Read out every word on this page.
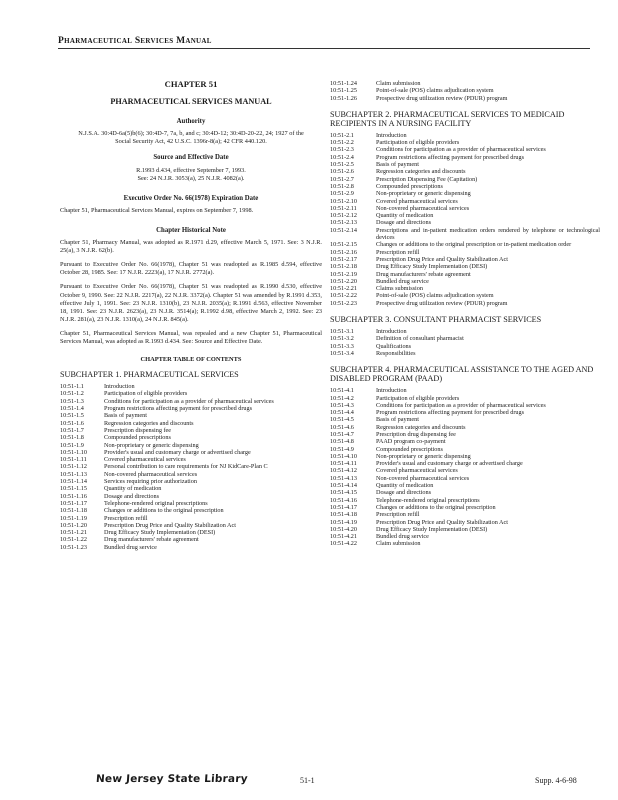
Pharmaceutical Services Manual
CHAPTER 51
PHARMACEUTICAL SERVICES MANUAL
Authority

N.J.S.A. 30:4D-6a(5)b(6); 30:4D-7, 7a, b, and c; 30:4D-12; 30:4D-20-22, 24; 1927 of the Social Security Act, 42 U.S.C. 1396r-8(a); 42 CFR 440.120.

Source and Effective Date
R.1993 d.434, effective September 7, 1993.
See: 24 N.J.R. 3053(a), 25 N.J.R. 4082(a).
Executive Order No. 66(1978) Expiration Date

Chapter 51, Pharmaceutical Services Manual, expires on September 7, 1998.

Chapter Historical Note

Chapter 51, Pharmacy Manual, was adopted as R.1971 d.29, effective March 5, 1971. See: 3 N.J.R. 25(a), 3 N.J.R. 62(b).

Pursuant to Executive Order No. 66(1978), Chapter 51 was readopted as R.1985 d.594, effective October 28, 1985. See: 17 N.J.R. 2223(a), 17 N.J.R. 2772(a).

Pursuant to Executive Order No. 66(1978), Chapter 51 was readopted as R.1990 d.530, effective October 9, 1990. See: 22 N.J.R. 2217(a), 22 N.J.R. 3372(a). Chapter 51 was amended by R.1991 d.353, effective July 1, 1991. See: 23 N.J.R. 1310(b), 23 N.J.R. 2035(a); R.1991 d.563, effective November 18, 1991. See: 23 N.J.R. 2623(a), 23 N.J.R. 3514(a); R.1992 d.98, effective March 2, 1992. See: 23 N.J.R. 281(a), 23 N.J.R. 1310(a), 24 N.J.R. 845(a).

Chapter 51, Pharmaceutical Services Manual, was repealed and a new Chapter 51, Pharmaceutical Services Manual, was adopted as R.1993 d.434. See: Source and Effective Date.

CHAPTER TABLE OF CONTENTS
SUBCHAPTER 1. PHARMACEUTICAL SERVICES
10:51-1.1	Introduction
10:51-1.2	Participation of eligible providers
10:51-1.3	Conditions for participation as a provider of pharmaceutical services
10:51-1.4	Program restrictions affecting payment for prescribed drugs
10:51-1.5	Basis of payment
10:51-1.6	Regression categories and discounts
10:51-1.7	Prescription dispensing fee
10:51-1.8	Compounded prescriptions
10:51-1.9	Non-proprietary or generic dispensing
10:51-1.10	Provider's usual and customary charge or advertised charge
10:51-1.11	Covered pharmaceutical services
10:51-1.12	Personal contribution to care requirements for NJ KidCare-Plan C
10:51-1.13	Non-covered pharmaceutical services
10:51-1.14	Services requiring prior authorization
10:51-1.15	Quantity of medication
10:51-1.16	Dosage and directions
10:51-1.17	Telephone-rendered original prescriptions
10:51-1.18	Changes or additions to the original prescription
10:51-1.19	Prescription refill
10:51-1.20	Prescription Drug Price and Quality Stabilization Act
10:51-1.21	Drug Efficacy Study Implementation (DESI)
10:51-1.22	Drug manufacturers' rebate agreement
10:51-1.23	Bundled drug service
10:51-1.24	Claim submission
10:51-1.25	Point-of-sale (POS) claims adjudication system
10:51-1.26	Prospective drug utilization review (PDUR) program
SUBCHAPTER 2. PHARMACEUTICAL SERVICES TO MEDICAID RECIPIENTS IN A NURSING FACILITY
10:51-2.1	Introduction
10:51-2.2	Participation of eligible providers
10:51-2.3	Conditions for participation as a provider of pharmaceutical services
10:51-2.4	Program restrictions affecting payment for prescribed drugs
10:51-2.5	Basis of payment
10:51-2.6	Regression categories and discounts
10:51-2.7	Prescription Dispensing Fee (Capitation)
10:51-2.8	Compounded prescriptions
10:51-2.9	Non-proprietary or generic dispensing
10:51-2.10	Covered pharmaceutical services
10:51-2.11	Non-covered pharmaceutical services
10:51-2.12	Quantity of medication
10:51-2.13	Dosage and directions
10:51-2.14	Prescriptions and in-patient medication orders rendered by telephone or technological devices
10:51-2.15	Changes or additions to the original prescription or in-patient medication order
10:51-2.16	Prescription refill
10:51-2.17	Prescription Drug Price and Quality Stabilization Act
10:51-2.18	Drug Efficacy Study Implementation (DESI)
10:51-2.19	Drug manufacturers' rebate agreement
10:51-2.20	Bundled drug service
10:51-2.21	Claims submission
10:51-2.22	Point-of-sale (POS) claims adjudication system
10:51-2.23	Prospective drug utilization review (PDUR) program
SUBCHAPTER 3. CONSULTANT PHARMACIST SERVICES
10:51-3.1	Introduction
10:51-3.2	Definition of consultant pharmacist
10:51-3.3	Qualifications
10:51-3.4	Responsibilities
SUBCHAPTER 4. PHARMACEUTICAL ASSISTANCE TO THE AGED AND DISABLED PROGRAM (PAAD)
10:51-4.1	Introduction
10:51-4.2	Participation of eligible providers
10:51-4.3	Conditions for participation as a provider of pharmaceutical services
10:51-4.4	Program restrictions affecting payment for prescribed drugs
10:51-4.5	Basis of payment
10:51-4.6	Regression categories and discounts
10:51-4.7	Prescription drug dispensing fee
10:51-4.8	PAAD program co-payment
10:51-4.9	Compounded prescriptions
10:51-4.10	Non-proprietary or generic dispensing
10:51-4.11	Provider's usual and customary charge or advertised charge
10:51-4.12	Covered pharmaceutical services
10:51-4.13	Non-covered pharmaceutical services
10:51-4.14	Quantity of medication
10:51-4.15	Dosage and directions
10:51-4.16	Telephone-rendered original prescriptions
10:51-4.17	Changes or additions to the original prescription
10:51-4.18	Prescription refill
10:51-4.19	Prescription Drug Price and Quality Stabilization Act
10:51-4.20	Drug Efficacy Study Implementation (DESI)
10:51-4.21	Bundled drug service
10:51-4.22	Claim submission
New Jersey State Library	51-1	Supp. 4-6-98
